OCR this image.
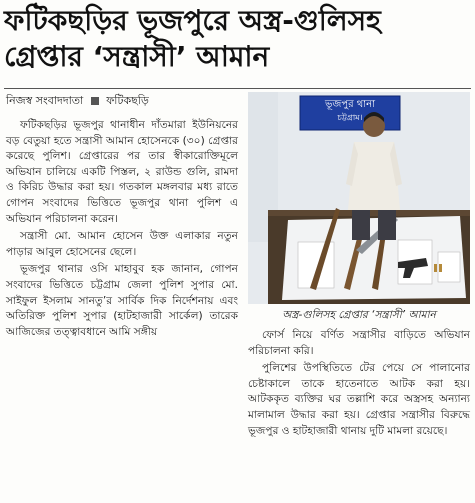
ফটিকছড়ির ভূজপুরে অস্ত্র-গুলিসহ
গ্রেপ্তার ‘সন্ত্রাসী’ আমান
নিজস্ব সংবাদদাতা ফটিকছড়ি

ফটিকছড়ির ভূজপুর থানাধীন দাঁতমারা ইউনিয়নের বড় বেতুয়া হতে সন্ত্রাসী আমান হোসেনকে (৩০) গ্রেপ্তার করেছে পুলিশ। গ্রেপ্তারের পর তার স্বীকারোক্তিমূলে অভিযান চালিয়ে একটি পিস্তল, ২ রাউন্ড গুলি, রামদা ও কিরিচ উদ্ধার করা হয়। গতকাল মঙ্গলবার মধ্য রাতে গোপন সংবাদের ভিত্তিতে ভূজপুর থানা পুলিশ এ অভিযান পরিচালনা করেন।

সন্ত্রাসী মো. আমান হোসেন উক্ত এলাকার নতুন পাড়ার আবুল হোসেনের ছেলে।

ভূজপুর থানার ওসি মাহাবুব হক জানান, গোপন সংবাদের ভিত্তিতে চট্টগ্রাম জেলা পুলিশ সুপার মো. সাইফুল ইসলাম সানতু’র সার্বিক দিক নির্দেশনায় এবং অতিরিক্ত পুলিশ সুপার (হাটহাজারী সার্কেল) তারেক আজিজের তত্ত্বাবধানে আমি সঙ্গীয়

ভূজপুর থানা
চট্টগ্রাম।
অস্ত্র-গুলিসহ গ্রেপ্তার ‘সন্ত্রাসী’ আমান

ফোর্স নিয়ে বর্ণিত সন্ত্রাসীর বাড়িতে অভিযান পরিচালনা করি।

পুলিশের উপস্থিতিতে টের পেয়ে সে পালানোর চেষ্টাকালে তাকে হাতেনাতে আটক করা হয়। আটককৃত ব্যক্তির ঘর তল্লাশি করে অস্ত্রসহ অন্যান্য মালামাল উদ্ধার করা হয়। গ্রেপ্তার সন্ত্রাসীর বিরুদ্ধে ভূজপুর ও হাটহাজারী থানায় দুটি মামলা রয়েছে।
